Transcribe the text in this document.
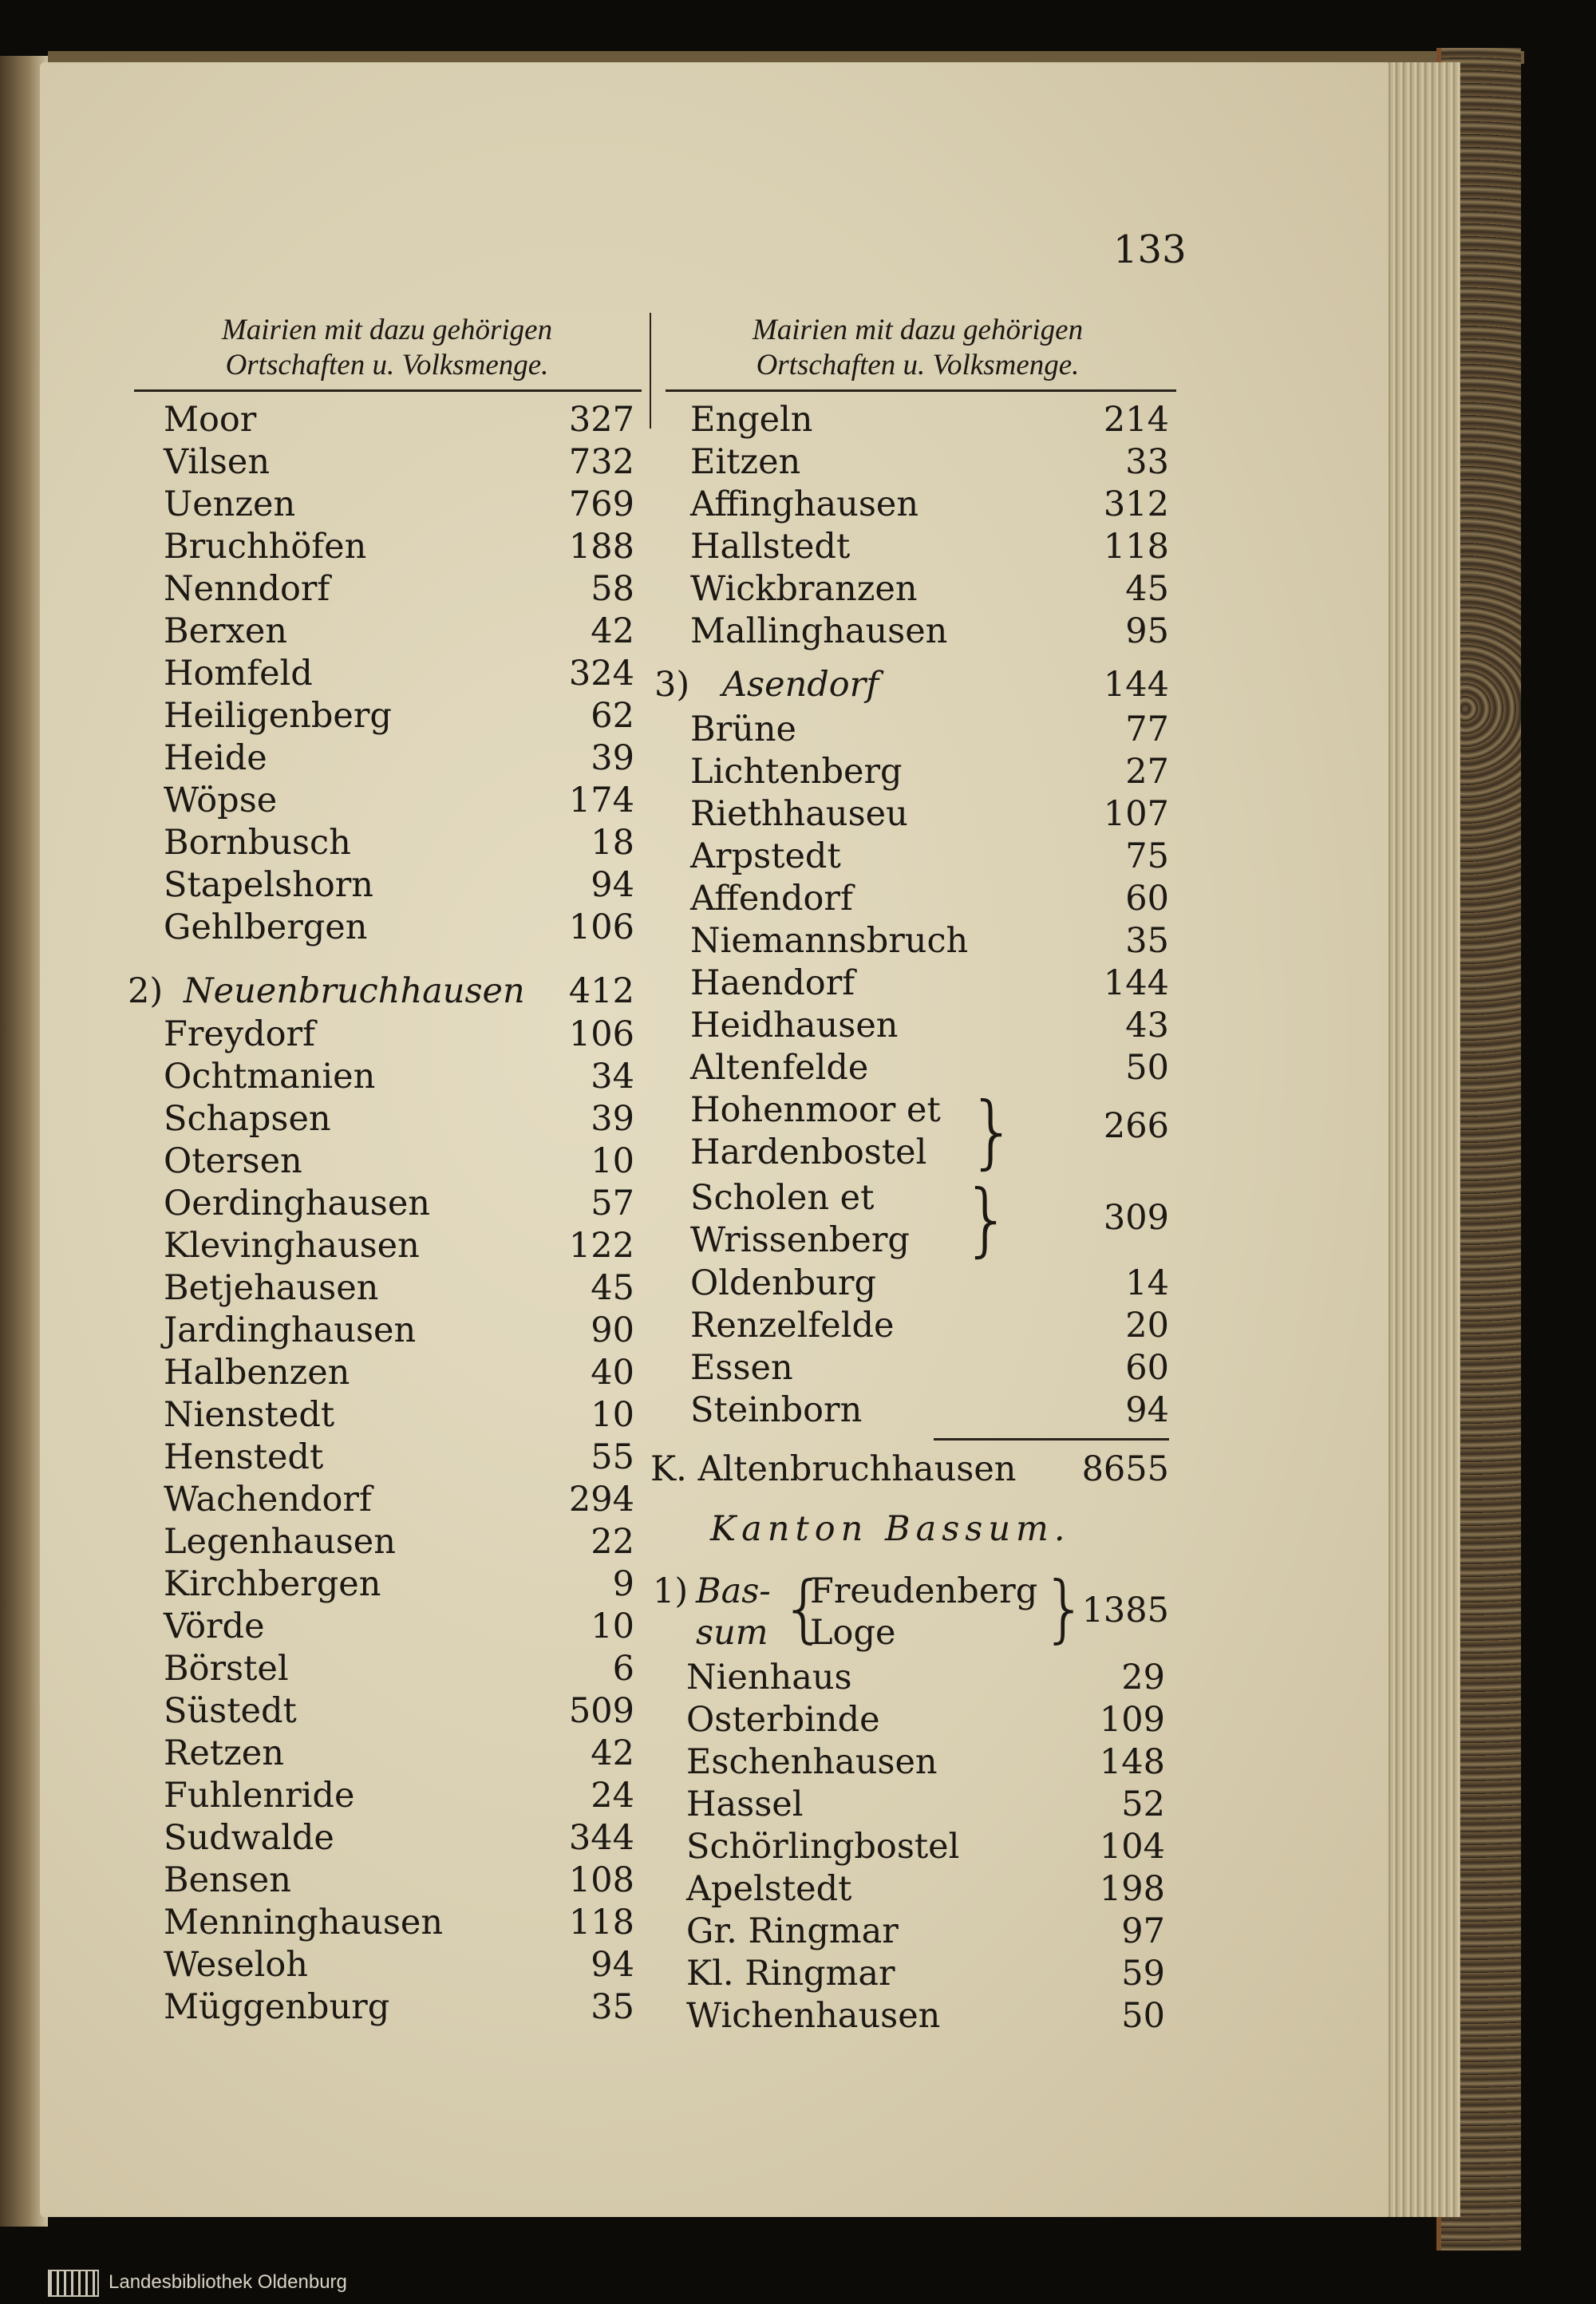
133
Mairien mit dazu gehörigen
Ortschaften u. Volksmenge.
Mairien mit dazu gehörigen
Ortschaften u. Volksmenge.
Moor	327
Vilsen	732
Uenzen	769
Bruchhöfen	188
Nenndorf	58
Berxen	42
Homfeld	324
Heiligenberg	62
Heide	39
Wöpse	174
Bornbusch	18
Stapelshorn	94
Gehlbergen	106
2) Neuenbruchhausen 412
Freydorf	106
Ochtmanien	34
Schapsen	39
Otersen	10
Oerdinghausen	57
Klevinghausen	122
Betjehausen	45
Jardinghausen	90
Halbenzen	40
Nienstedt	10
Henstedt	55
Wachendorf	294
Legenhausen	22
Kirchbergen	9
Vörde	10
Börstel	6
Süstedt	509
Retzen	42
Fuhlenride	24
Sudwalde	344
Bensen	108
Menninghausen	118
Weseloh	94
Müggenburg	35
Engeln	214
Eitzen	33
Affinghausen	312
Hallstedt	118
Wickbranzen	45
Mallinghausen	95
3) Asendorf	144
Brüne	77
Lichtenberg	27
Riethhauseu	107
Arpstedt	75
Affendorf	60
Niemannsbruch	35
Haendorf	144
Heidhausen	43
Altenfelde	50
Hohenmoor et
Hardenbostel } 266
Scholen et
Wrissenberg }	309
Oldenburg	14
Renzelfelde	20
Essen	60
Steinborn	94
K. Altenbruchhausen 8655
Kanton Bassum.
1) Bas-
sum {
Freudenberg
Loge }
1385
Nienhaus	29
Osterbinde	109
Eschenhausen	148
Hassel	52
Schörlingbostel	104
Apelstedt	198
Gr. Ringmar	97
Kl. Ringmar	59
Wichenhausen	50
Landesbibliothek Oldenburg
